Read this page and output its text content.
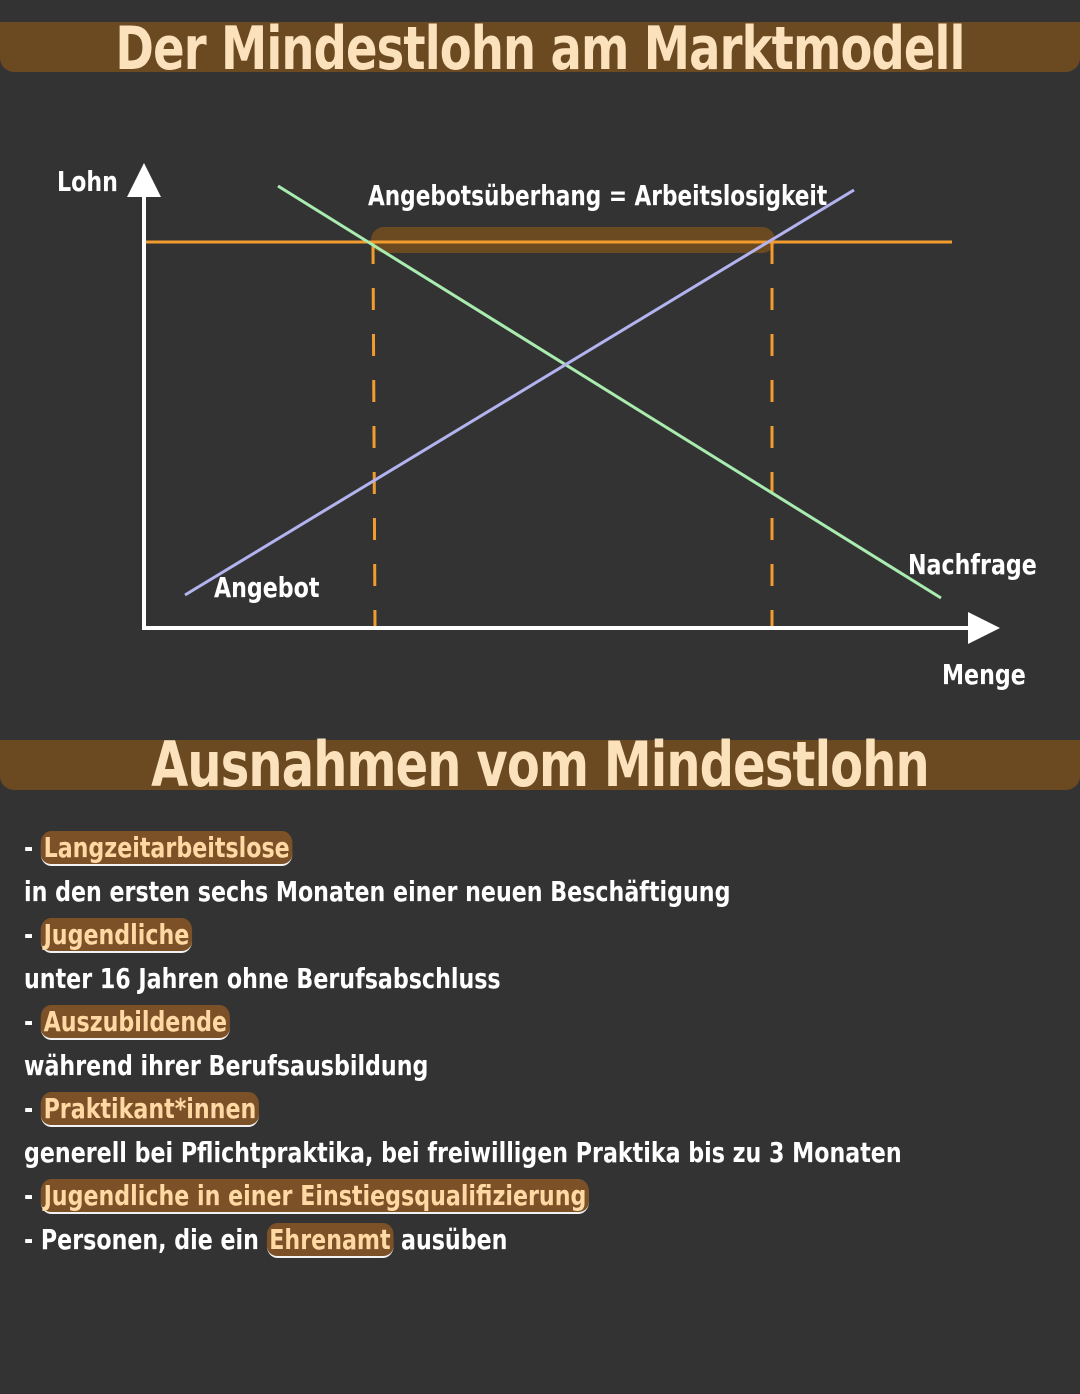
Der Mindestlohn am Marktmodell
Lohn
Menge
Angebotsüberhang = Arbeitslosigkeit
Angebot
Nachfrage
Ausnahmen vom Mindestlohn
- Langzeitarbeitslose
in den ersten sechs Monaten einer neuen Beschäftigung
- Jugendliche
unter 16 Jahren ohne Berufsabschluss
- Auszubildende
während ihrer Berufsausbildung
- Praktikant*innen
generell bei Pflichtpraktika, bei freiwilligen Praktika bis zu 3 Monaten
- Jugendliche in einer Einstiegsqualifizierung
- Personen, die ein Ehrenamt ausüben
